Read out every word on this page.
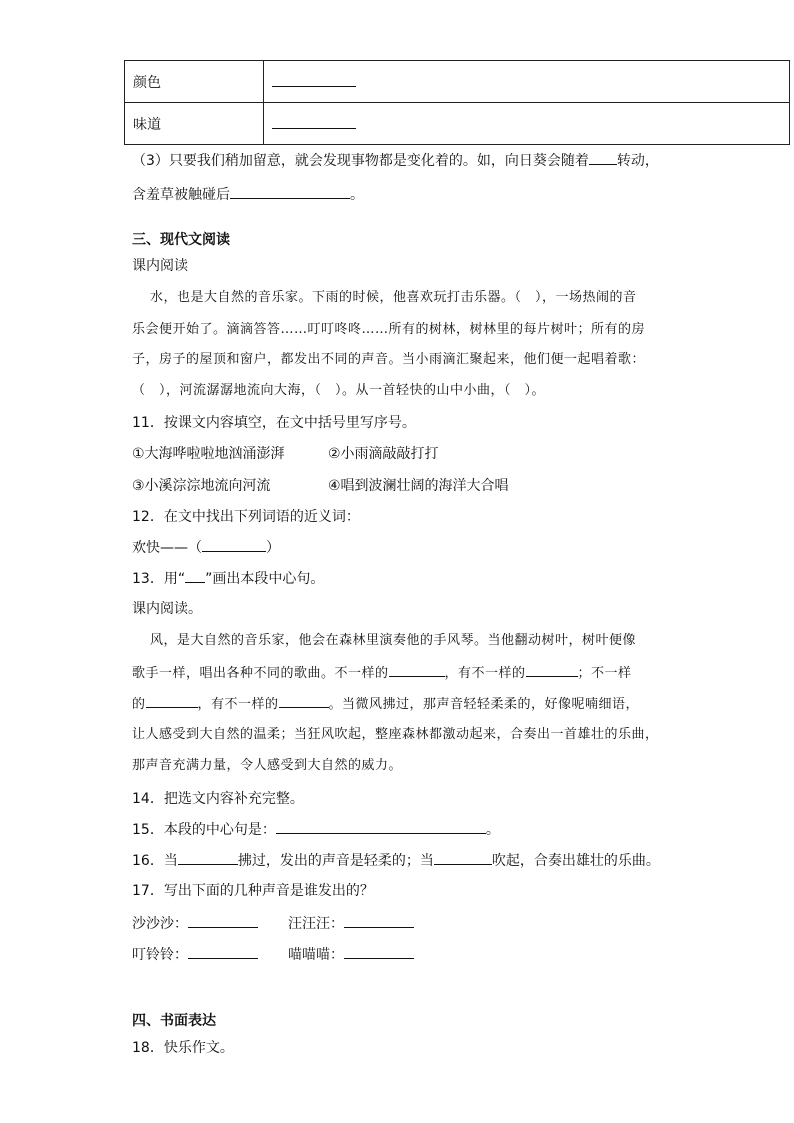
颜色	
味道	
（3）只要我们稍加留意，就会发现事物都是变化着的。如，向日葵会随着 转动，
含羞草被触碰后	。
三、现代文阅读
课内阅读
水，也是大自然的音乐家。下雨的时候，他喜欢玩打击乐器。（　），一场热闹的音
乐会便开始了。滴滴答答……叮叮咚咚……所有的树林，树林里的每片树叶；所有的房
子，房子的屋顶和窗户，都发出不同的声音。当小雨滴汇聚起来，他们便一起唱着歌：
（　），河流潺潺地流向大海，（　）。从一首轻快的山中小曲，（　）。
11．按课文内容填空，在文中括号里写序号。
①大海哗啦啦地汹涌澎湃	②小雨滴敲敲打打
③小溪淙淙地流向河流	④唱到波澜壮阔的海洋大合唱
12．在文中找出下列词语的近义词：
欢快——（	）
13．用“ ”画出本段中心句。
课内阅读。
风，是大自然的音乐家，他会在森林里演奏他的手风琴。当他翻动树叶，树叶便像
歌手一样，唱出各种不同的歌曲。不一样的	，有不一样的	；不一样
的	，有不一样的	。当微风拂过，那声音轻轻柔柔的，好像呢喃细语，
让人感受到大自然的温柔；当狂风吹起，整座森林都激动起来，合奏出一首雄壮的乐曲，
那声音充满力量，令人感受到大自然的威力。
14．把选文内容补充完整。
15．本段的中心句是：	。
16．当	拂过，发出的声音是轻柔的；当	吹起，合奏出雄壮的乐曲。
17．写出下面的几种声音是谁发出的？
沙沙沙：	汪汪汪：
叮铃铃：	喵喵喵：
四、书面表达
18．快乐作文。
